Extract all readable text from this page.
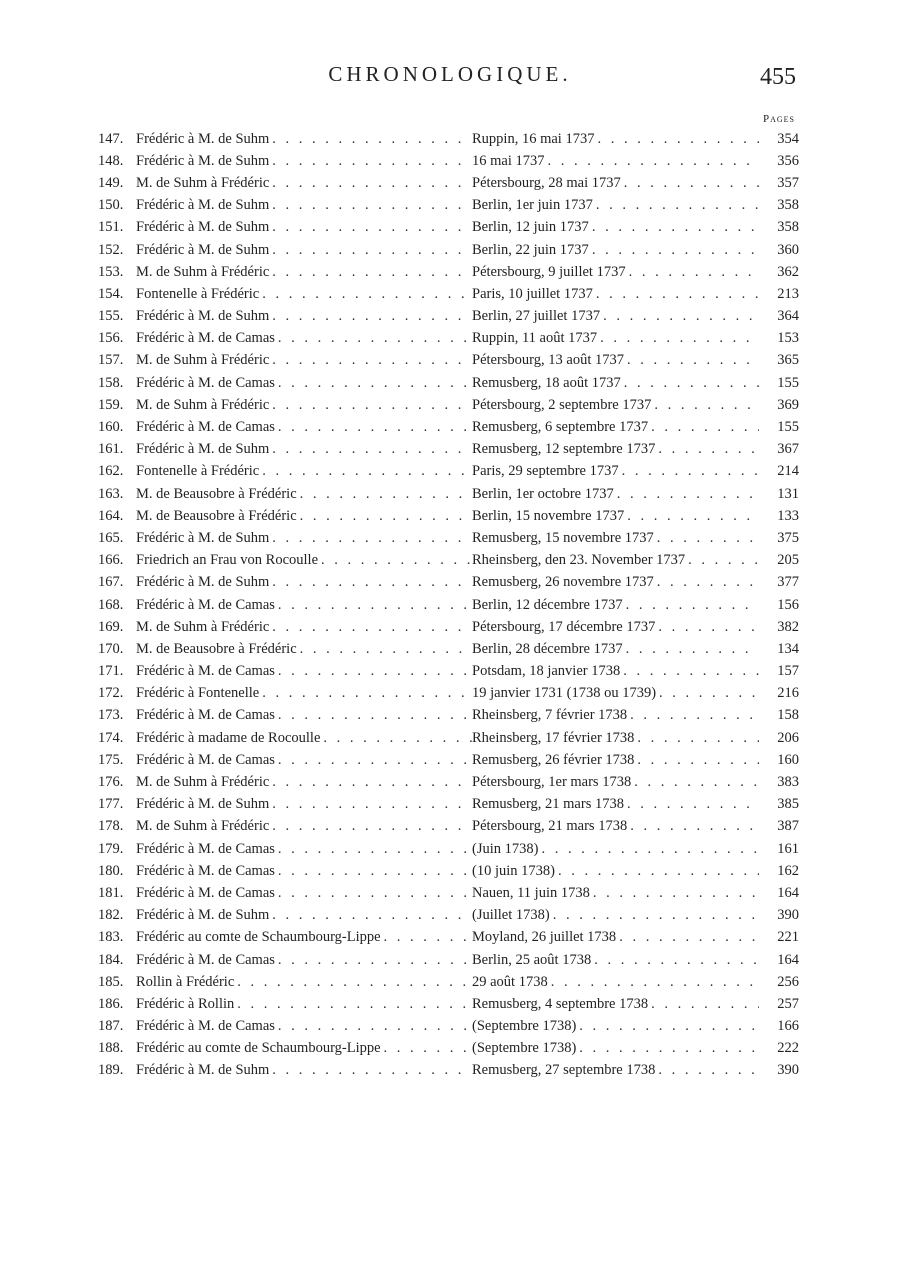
CHRONOLOGIQUE.	455
Pages
147. Frédéric à M. de Suhm . . .	Ruppin, 16 mai 1737 . . .	354
148. Frédéric à M. de Suhm . . .	16 mai 1737 . . .	356
149. M. de Suhm à Frédéric . . .	Pétersbourg, 28 mai 1737 . . .	357
150. Frédéric à M. de Suhm . . .	Berlin, 1er juin 1737 . . .	358
151. Frédéric à M. de Suhm . . .	Berlin, 12 juin 1737 . . .	358
152. Frédéric à M. de Suhm . . .	Berlin, 22 juin 1737 . . .	360
153. M. de Suhm à Frédéric . . .	Pétersbourg, 9 juillet 1737 . . .	362
154. Fontenelle à Frédéric . . .	Paris, 10 juillet 1737 . . .	213
155. Frédéric à M. de Suhm . . .	Berlin, 27 juillet 1737 . . .	364
156. Frédéric à M. de Camas . . .	Ruppin, 11 août 1737 . . .	153
157. M. de Suhm à Frédéric . . .	Pétersbourg, 13 août 1737 . . .	365
158. Frédéric à M. de Camas . . .	Remusberg, 18 août 1737 . . .	155
159. M. de Suhm à Frédéric . . .	Pétersbourg, 2 septembre 1737 . . .	369
160. Frédéric à M. de Camas . . .	Remusberg, 6 septembre 1737 . . .	155
161. Frédéric à M. de Suhm . . .	Remusberg, 12 septembre 1737 . . .	367
162. Fontenelle à Frédéric . . .	Paris, 29 septembre 1737 . . .	214
163. M. de Beausobre à Frédéric . . .	Berlin, 1er octobre 1737 . . .	131
164. M. de Beausobre à Frédéric . . .	Berlin, 15 novembre 1737 . . .	133
165. Frédéric à M. de Suhm . . .	Remusberg, 15 novembre 1737 . . .	375
166. Friedrich an Frau von Rocoulle . . .	Rheinsberg, den 23. November 1737 . . .	205
167. Frédéric à M. de Suhm . . .	Remusberg, 26 novembre 1737 . . .	377
168. Frédéric à M. de Camas . . .	Berlin, 12 décembre 1737 . . .	156
169. M. de Suhm à Frédéric . . .	Pétersbourg, 17 décembre 1737 . . .	382
170. M. de Beausobre à Frédéric . . .	Berlin, 28 décembre 1737 . . .	134
171. Frédéric à M. de Camas . . .	Potsdam, 18 janvier 1738 . . .	157
172. Frédéric à Fontenelle . . .	19 janvier 1731 (1738 ou 1739) . . .	216
173. Frédéric à M. de Camas . . .	Rheinsberg, 7 février 1738 . . .	158
174. Frédéric à madame de Rocoulle . . .	Rheinsberg, 17 février 1738 . . .	206
175. Frédéric à M. de Camas . . .	Remusberg, 26 février 1738 . . .	160
176. M. de Suhm à Frédéric . . .	Pétersbourg, 1er mars 1738 . . .	383
177. Frédéric à M. de Suhm . . .	Remusberg, 21 mars 1738 . . .	385
178. M. de Suhm à Frédéric . . .	Pétersbourg, 21 mars 1738 . . .	387
179. Frédéric à M. de Camas . . .	(Juin 1738) . . .	161
180. Frédéric à M. de Camas . . .	(10 juin 1738) . . .	162
181. Frédéric à M. de Camas . . .	Nauen, 11 juin 1738 . . .	164
182. Frédéric à M. de Suhm . . .	(Juillet 1738) . . .	390
183. Frédéric au comte de Schaumbourg-Lippe . . .	Moyland, 26 juillet 1738 . . .	221
184. Frédéric à M. de Camas . . .	Berlin, 25 août 1738 . . .	164
185. Rollin à Frédéric . . .	29 août 1738 . . .	256
186. Frédéric à Rollin . . .	Remusberg, 4 septembre 1738 . . .	257
187. Frédéric à M. de Camas . . .	(Septembre 1738) . . .	166
188. Frédéric au comte de Schaumbourg-Lippe . . .	(Septembre 1738) . . .	222
189. Frédéric à M. de Suhm . . .	Remusberg, 27 septembre 1738 . . .	390
